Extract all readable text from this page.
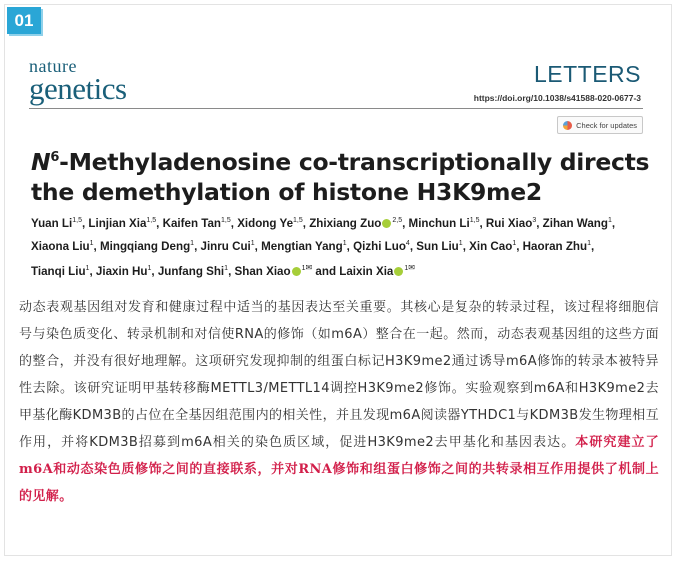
01
nature
genetics	LETTERS
https://doi.org/10.1038/s41588-020-0677-3
Check for updates
$N^6$-Methyladenosine co-transcriptionally directs
the demethylation of histone H3K9me2

Yuan Li$^{1,5}$, Linjian Xia$^{1,5}$, Kaifen Tan$^{1,5}$, Xidong Ye$^{1,5}$, Zhixiang Zuo $^{2,5}$, Minchun Li$^{1,5}$, Rui Xiao$^3$, Zihan Wang$^1$, Xiaona Liu$^1$, Mingqiang Deng$^1$, Jinru Cui$^1$, Mengtian Yang$^1$, Qizhi Luo$^4$, Sun Liu$^1$, Xin Cao$^1$, Haoran Zhu$^1$, Tianqi Liu$^1$, Jiaxin Hu$^1$, Junfang Shi$^1$, Shan Xiao $^{1✉}$ and Laixin Xia $^{1✉}$

动态表观基因组对发育和健康过程中适当的基因表达至关重要。其核心是复杂的转录过程，该过程将细胞信号与染色质变化、转录机制和对信使RNA的修饰（如m6A）整合在一起。然而，动态表观基因组的这些方面的整合，并没有很好地理解。这项研究发现抑制的组蛋白标记H3K9me2通过诱导m6A修饰的转录本被特异性去除。该研究证明甲基转移酶METTL3/METTL14调控H3K9me2修饰。实验观察到m6A和H3K9me2去甲基化酶KDM3B的占位在全基因组范围内的相关性，并且发现m6A阅读器YTHDC1与KDM3B发生物理相互作用，并将KDM3B招募到m6A相关的染色质区域，促进H3K9me2去甲基化和基因表达。本研究建立了m6A和动态染色质修饰之间的直接联系，并对RNA修饰和组蛋白修饰之间的共转录相互作用提供了机制上的见解。
